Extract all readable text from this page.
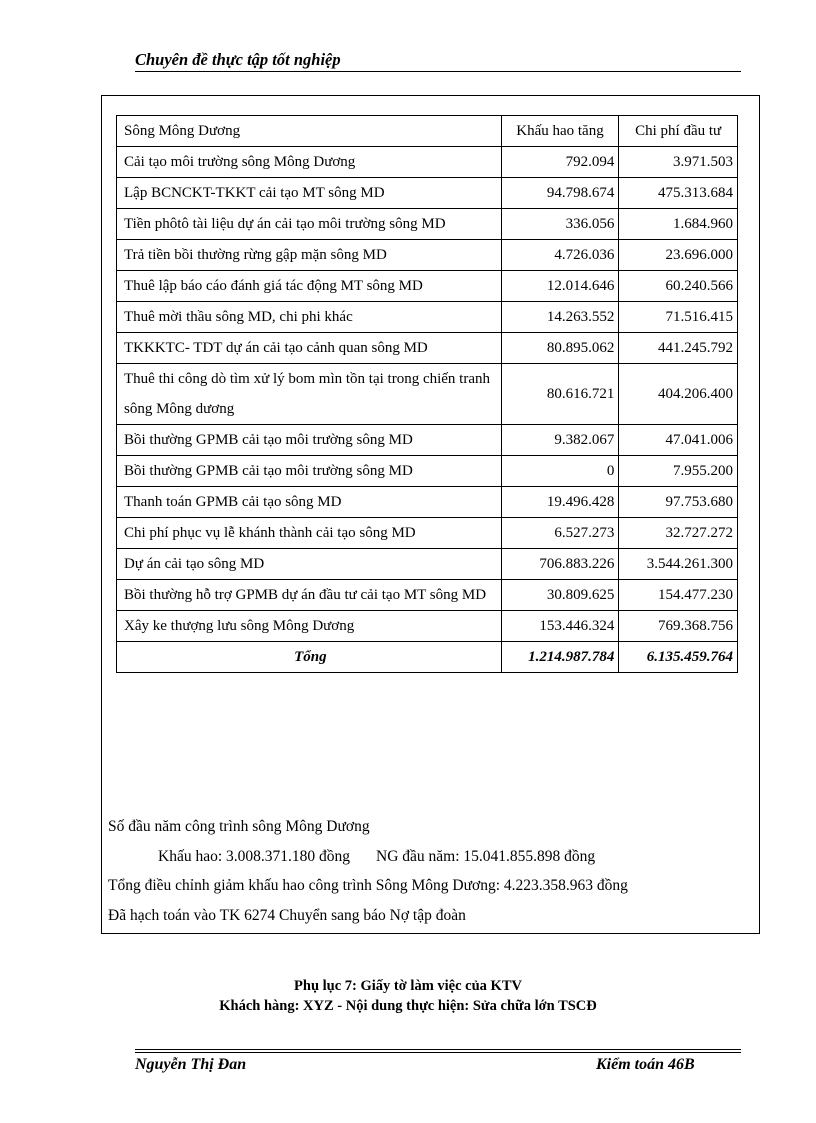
Chuyên đề thực tập tốt nghiệp
Sông Mông Dương	Khấu hao tăng	Chi phí đầu tư
Cải tạo môi trường sông Mông Dương	792.094	3.971.503
Lập BCNCKT-TKKT cải tạo MT sông MD	94.798.674	475.313.684
Tiền phôtô tài liệu dự án cải tạo môi trường sông MD	336.056	1.684.960
Trả tiền bồi thường rừng gập mặn sông MD	4.726.036	23.696.000
Thuê lập báo cáo đánh giá tác động MT sông MD	12.014.646	60.240.566
Thuê mời thầu sông MD, chi phi khác	14.263.552	71.516.415
TKKKTC- TDT dự án cải tạo cảnh quan sông MD	80.895.062	441.245.792
Thuê thi công dò tìm xử lý bom mìn tồn tại trong chiến tranh sông Mông dương	80.616.721	404.206.400
Bồi thường GPMB cải tạo môi trường sông MD	9.382.067	47.041.006
Bồi thường GPMB cải tạo môi trường sông MD	0	7.955.200
Thanh toán GPMB cải tạo sông MD	19.496.428	97.753.680
Chi phí phục vụ lễ khánh thành cải tạo sông MD	6.527.273	32.727.272
Dự án cải tạo sông MD	706.883.226	3.544.261.300
Bồi thường hỗ trợ GPMB dự án đầu tư cải tạo MT sông MD	30.809.625	154.477.230
Xây ke thượng lưu sông Mông Dương	153.446.324	769.368.756
Tổng	1.214.987.784	6.135.459.764
Số đầu năm công trình sông Mông Dương
Khấu hao: 3.008.371.180 đồng NG đầu năm: 15.041.855.898 đồng
Tổng điều chỉnh giảm khấu hao công trình Sông Mông Dương: 4.223.358.963 đồng
Đã hạch toán vào TK 6274 Chuyển sang báo Nợ tập đoàn
Phụ lục 7: Giấy tờ làm việc của KTV
Khách hàng: XYZ - Nội dung thực hiện: Sửa chữa lớn TSCĐ
Nguyễn Thị Đan	Kiểm toán 46B
